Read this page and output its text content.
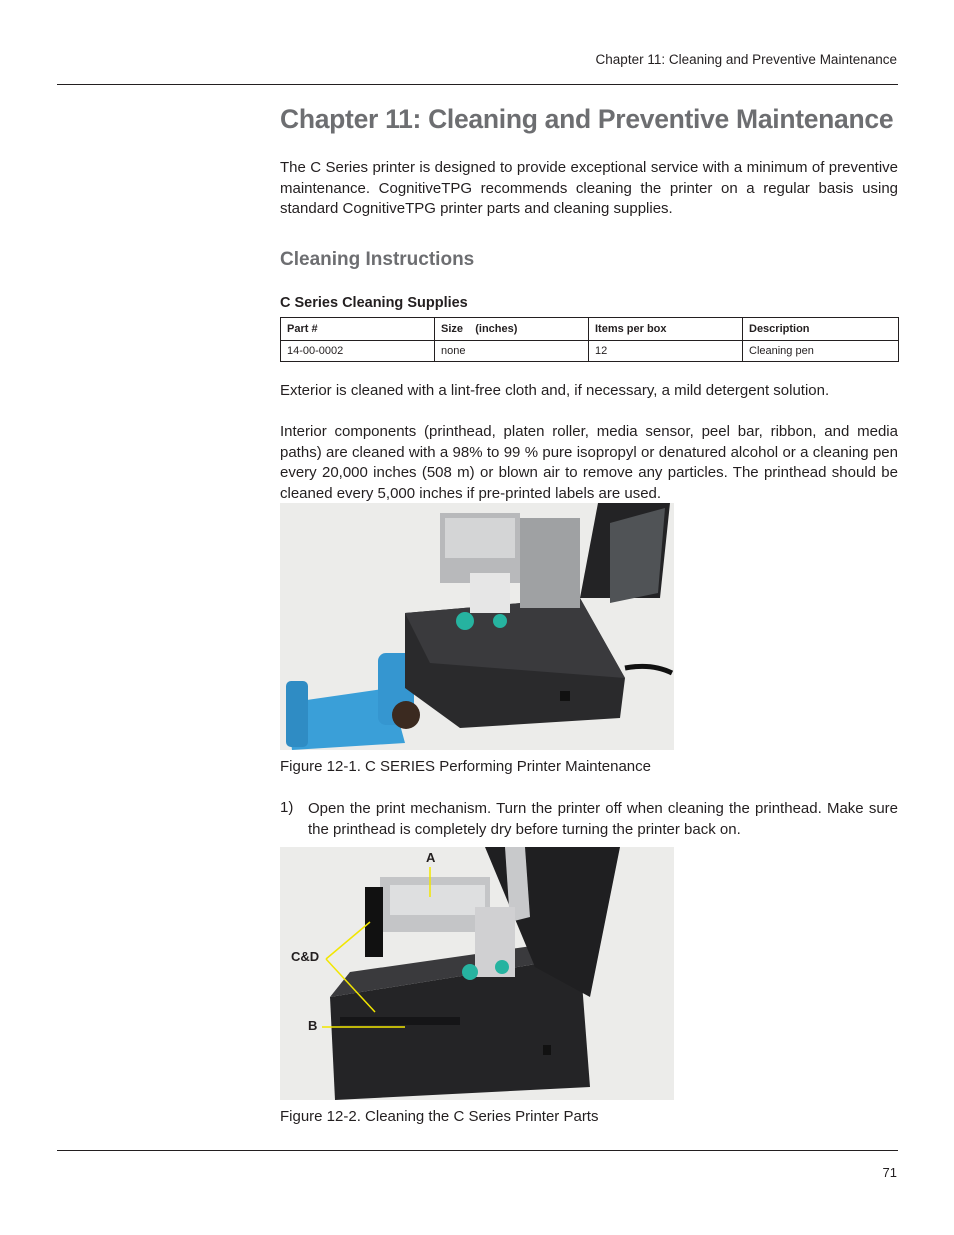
Chapter 11: Cleaning and Preventive Maintenance
Chapter 11: Cleaning and Preventive Maintenance

The C Series printer is designed to provide exceptional service with a minimum of preventive maintenance. CognitiveTPG recommends cleaning the printer on a regular basis using standard CognitiveTPG printer parts and cleaning supplies.

Cleaning Instructions
C Series Cleaning Supplies
Part #	Size    (inches)	Items per box	Description
14-00-0002	none	12	Cleaning pen

Exterior is cleaned with a lint-free cloth and, if necessary, a mild detergent solution.

Interior components (printhead, platen roller, media sensor, peel bar, ribbon, and media paths) are cleaned with a 98% to 99 % pure isopropyl or denatured alcohol or a cleaning pen every 20,000 inches (508 m) or blown air to remove any particles. The printhead should be cleaned every 5,000 inches if pre-printed labels are used.

Figure 12-1. C SERIES Performing Printer Maintenance
1) Open the print mechanism. Turn the printer off when cleaning the printhead. Make sure the printhead is completely dry before turning the printer back on.

A
C&D
B
Figure 12-2. Cleaning the C Series Printer Parts
71
